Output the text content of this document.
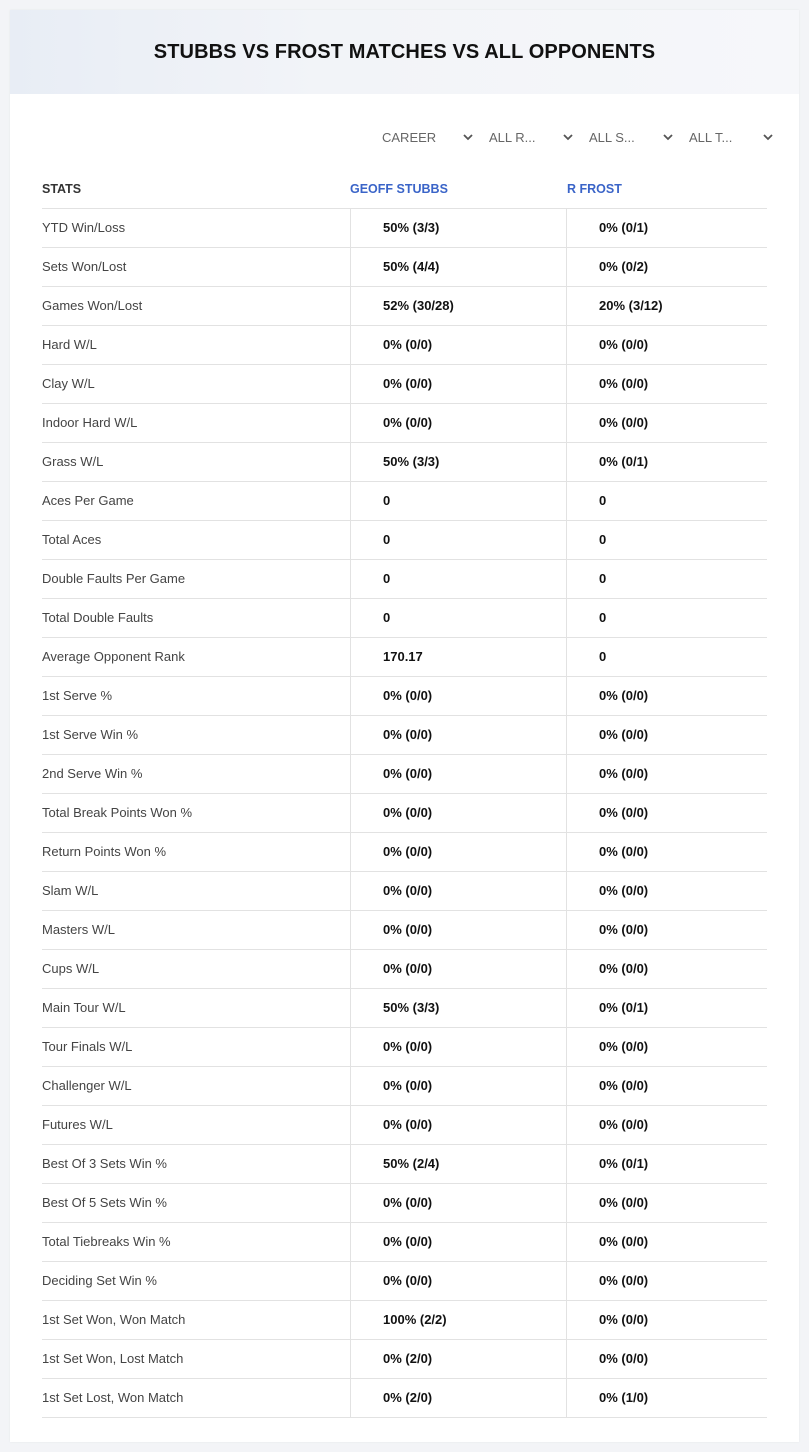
STUBBS VS FROST MATCHES VS ALL OPPONENTS
CAREER	ALL R...	ALL S...	ALL T...
STATS	GEOFF STUBBS	R FROST
YTD Win/Loss	50% (3/3)	0% (0/1)
Sets Won/Lost	50% (4/4)	0% (0/2)
Games Won/Lost	52% (30/28)	20% (3/12)
Hard W/L	0% (0/0)	0% (0/0)
Clay W/L	0% (0/0)	0% (0/0)
Indoor Hard W/L	0% (0/0)	0% (0/0)
Grass W/L	50% (3/3)	0% (0/1)
Aces Per Game	0	0
Total Aces	0	0
Double Faults Per Game	0	0
Total Double Faults	0	0
Average Opponent Rank	170.17	0
1st Serve %	0% (0/0)	0% (0/0)
1st Serve Win %	0% (0/0)	0% (0/0)
2nd Serve Win %	0% (0/0)	0% (0/0)
Total Break Points Won %	0% (0/0)	0% (0/0)
Return Points Won %	0% (0/0)	0% (0/0)
Slam W/L	0% (0/0)	0% (0/0)
Masters W/L	0% (0/0)	0% (0/0)
Cups W/L	0% (0/0)	0% (0/0)
Main Tour W/L	50% (3/3)	0% (0/1)
Tour Finals W/L	0% (0/0)	0% (0/0)
Challenger W/L	0% (0/0)	0% (0/0)
Futures W/L	0% (0/0)	0% (0/0)
Best Of 3 Sets Win %	50% (2/4)	0% (0/1)
Best Of 5 Sets Win %	0% (0/0)	0% (0/0)
Total Tiebreaks Win %	0% (0/0)	0% (0/0)
Deciding Set Win %	0% (0/0)	0% (0/0)
1st Set Won, Won Match	100% (2/2)	0% (0/0)
1st Set Won, Lost Match	0% (2/0)	0% (0/0)
1st Set Lost, Won Match	0% (2/0)	0% (1/0)
